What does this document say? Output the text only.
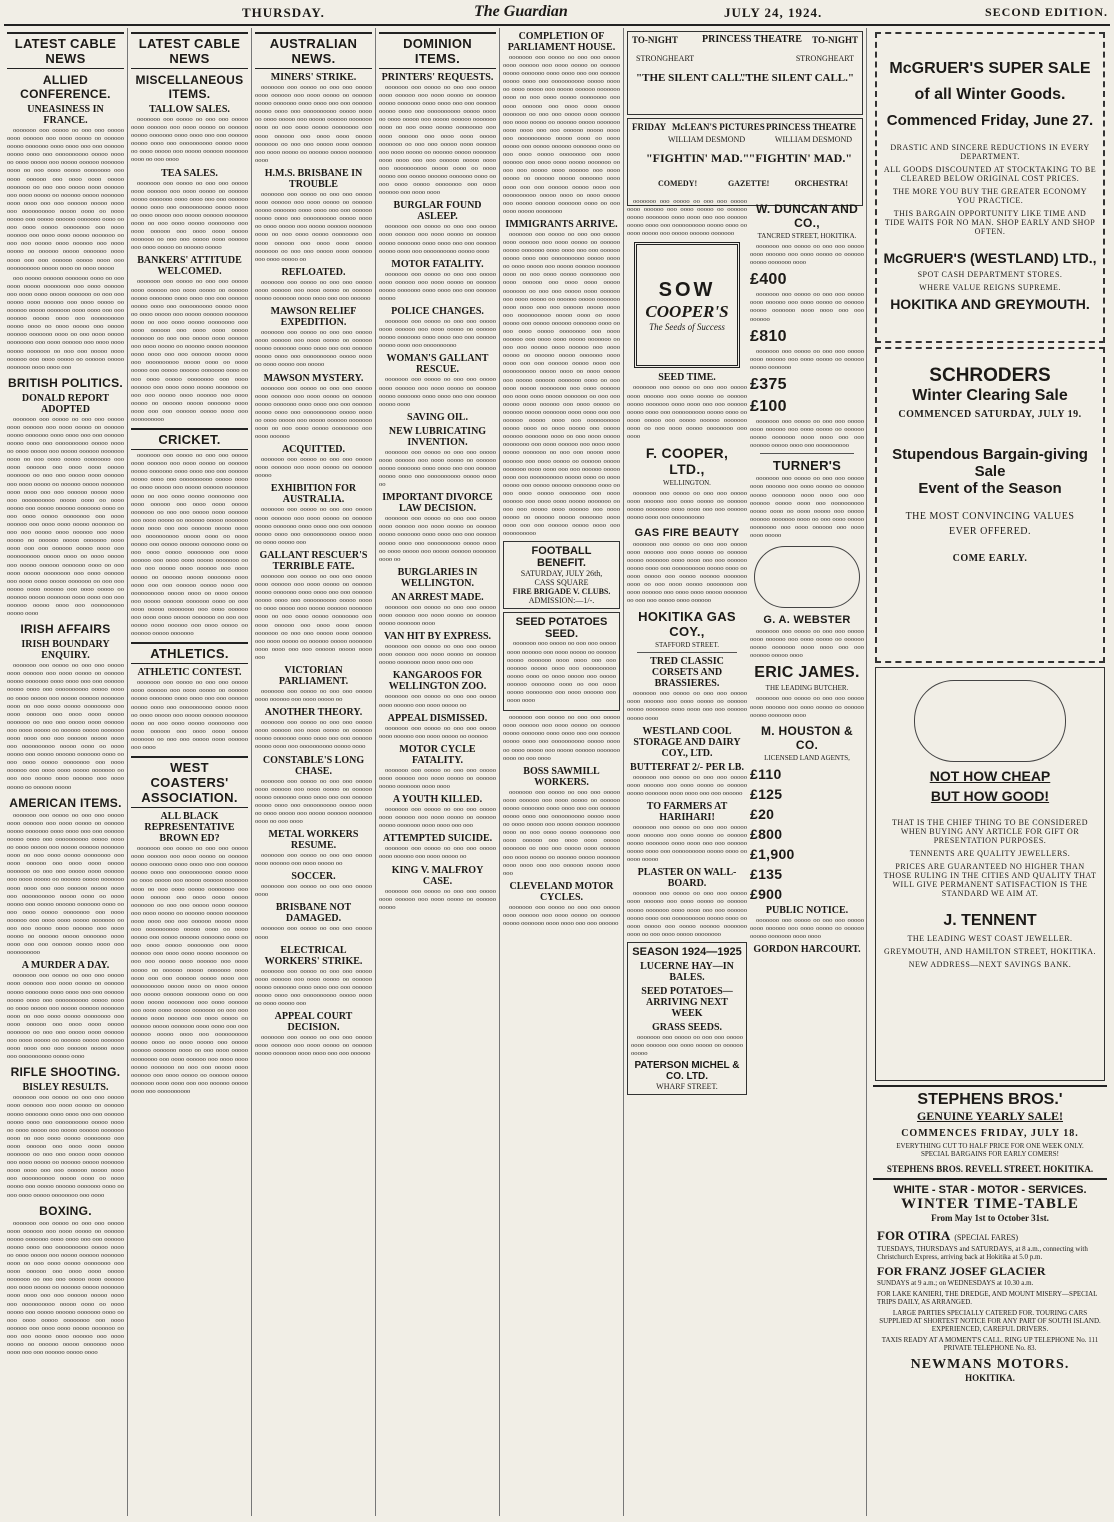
THURSDAY.	The Guardian	JULY 24, 1924.	SECOND EDITION.
LATEST CABLE NEWS
ALLIED CONFERENCE.
UNEASINESS IN FRANCE.

ooooooo ooo ooooo oo ooo ooo ooooo oooo oooooo ooo oooo ooooo oo oooooo ooooo ooooooo oooo oooo ooo ooo oooooo ooooo oooo ooo oooooooooo ooooo oooo oo oooo ooooo ooo ooooo oooooo ooooooo oooo oo ooo oooo ooooo oooooooo ooo oooo oooooo ooo oooo oooo ooooo ooooooo oo ooo ooo ooooo oooo oooooo ooo oooo ooooo oo oooooo ooooo ooooooo oooo oooo ooo ooo oooooo ooooo oooo ooo oooooooooo ooooo oooo oo oooo ooooo ooo ooooo oooooo ooooooo oooo oo ooo oooo ooooo oooooooo ooo oooo oooooo ooo oooo oooo ooooo ooooooo oo ooo ooo ooooo oooo oooooo ooo oooo ooooo oo oooooo ooooo ooooooo oooo oooo ooo ooo oooooo ooooo oooo ooo oooooooooo ooooo oooo oo oooo ooooo

ooo ooooo oooooo ooooooo oooo oo ooo oooo ooooo oooooooo ooo oooo oooooo ooo oooo oooo ooooo ooooooo oo ooo ooo ooooo oooo oooooo ooo oooo ooooo oo oooooo ooooo ooooooo oooo oooo ooo ooo oooooo ooooo oooo ooo oooooooooo ooooo oooo oo oooo ooooo ooo ooooo oooooo ooooooo oooo oo ooo oooo ooooo oooooooo ooo oooo oooooo ooo oooo oooo ooooo ooooooo oo ooo ooo ooooo oooo oooooo ooo oooo ooooo oo oooooo ooooo ooooooo oooo oooo ooo

BRITISH POLITICS.
DONALD REPORT ADOPTED

ooooooo ooo ooooo oo ooo ooo ooooo oooo oooooo ooo oooo ooooo oo oooooo ooooo ooooooo oooo oooo ooo ooo oooooo ooooo oooo ooo oooooooooo ooooo oooo oo oooo ooooo ooo ooooo oooooo ooooooo oooo oo ooo oooo ooooo oooooooo ooo oooo oooooo ooo oooo oooo ooooo ooooooo oo ooo ooo ooooo oooo oooooo ooo oooo ooooo oo oooooo ooooo ooooooo oooo oooo ooo ooo oooooo ooooo oooo ooo oooooooooo ooooo oooo oo oooo ooooo ooo ooooo oooooo ooooooo oooo oo ooo oooo ooooo oooooooo ooo oooo oooooo ooo oooo oooo ooooo ooooooo oo ooo ooo ooooo oooo oooooo ooo oooo ooooo oo oooooo ooooo ooooooo oooo oooo ooo ooo oooooo ooooo oooo ooo oooooooooo ooooo oooo oo oooo ooooo ooo ooooo oooooo ooooooo oooo oo ooo oooo ooooo oooooooo ooo oooo oooooo ooo oooo oooo ooooo ooooooo oo ooo ooo ooooo oooo oooooo ooo oooo ooooo oo oooooo ooooo ooooooo oooo oooo ooo ooo oooooo ooooo oooo ooo oooooooooo ooooo oooo

IRISH AFFAIRS
IRISH BOUNDARY ENQUIRY.

ooooooo ooo ooooo oo ooo ooo ooooo oooo oooooo ooo oooo ooooo oo oooooo ooooo ooooooo oooo oooo ooo ooo oooooo ooooo oooo ooo oooooooooo ooooo oooo oo oooo ooooo ooo ooooo oooooo ooooooo oooo oo ooo oooo ooooo oooooooo ooo oooo oooooo ooo oooo oooo ooooo ooooooo oo ooo ooo ooooo oooo oooooo ooo oooo ooooo oo oooooo ooooo ooooooo oooo oooo ooo ooo oooooo ooooo oooo ooo oooooooooo ooooo oooo oo oooo ooooo ooo ooooo oooooo ooooooo oooo oo ooo oooo ooooo oooooooo ooo oooo oooooo ooo oooo oooo ooooo ooooooo oo ooo ooo ooooo oooo oooooo ooo oooo ooooo oo oooooo ooooo

AMERICAN ITEMS.

ooooooo ooo ooooo oo ooo ooo ooooo oooo oooooo ooo oooo ooooo oo oooooo ooooo ooooooo oooo oooo ooo ooo oooooo ooooo oooo ooo oooooooooo ooooo oooo oo oooo ooooo ooo ooooo oooooo ooooooo oooo oo ooo oooo ooooo oooooooo ooo oooo oooooo ooo oooo oooo ooooo ooooooo oo ooo ooo ooooo oooo oooooo ooo oooo ooooo oo oooooo ooooo ooooooo oooo oooo ooo ooo oooooo ooooo oooo ooo oooooooooo ooooo oooo oo oooo ooooo ooo ooooo oooooo ooooooo oooo oo ooo oooo ooooo oooooooo ooo oooo oooooo ooo oooo oooo ooooo ooooooo oo ooo ooo ooooo oooo oooooo ooo oooo ooooo oo oooooo ooooo ooooooo oooo oooo ooo ooo oooooo ooooo oooo ooo oooooooooo

A MURDER A DAY.

ooooooo ooo ooooo oo ooo ooo ooooo oooo oooooo ooo oooo ooooo oo oooooo ooooo ooooooo oooo oooo ooo ooo oooooo ooooo oooo ooo oooooooooo ooooo oooo oo oooo ooooo ooo ooooo oooooo ooooooo oooo oo ooo oooo ooooo oooooooo ooo oooo oooooo ooo oooo oooo ooooo ooooooo oo ooo ooo ooooo oooo oooooo ooo oooo ooooo oo oooooo ooooo ooooooo oooo oooo ooo ooo oooooo ooooo oooo ooo oooooooooo ooooo oooo

RIFLE SHOOTING.
BISLEY RESULTS.

ooooooo ooo ooooo oo ooo ooo ooooo oooo oooooo ooo oooo ooooo oo oooooo ooooo ooooooo oooo oooo ooo ooo oooooo ooooo oooo ooo oooooooooo ooooo oooo oo oooo ooooo ooo ooooo oooooo ooooooo oooo oo ooo oooo ooooo oooooooo ooo oooo oooooo ooo oooo oooo ooooo ooooooo oo ooo ooo ooooo oooo oooooo ooo oooo ooooo oo oooooo ooooo ooooooo oooo oooo ooo ooo oooooo ooooo oooo ooo oooooooooo ooooo oooo oo oooo ooooo ooo ooooo oooooo ooooooo oooo oo ooo oooo ooooo oooooooo ooo oooo

BOXING.

ooooooo ooo ooooo oo ooo ooo ooooo oooo oooooo ooo oooo ooooo oo oooooo ooooo ooooooo oooo oooo ooo ooo oooooo ooooo oooo ooo oooooooooo ooooo oooo oo oooo ooooo ooo ooooo oooooo ooooooo oooo oo ooo oooo ooooo oooooooo ooo oooo oooooo ooo oooo oooo ooooo ooooooo oo ooo ooo ooooo oooo oooooo ooo oooo ooooo oo oooooo ooooo ooooooo oooo oooo ooo ooo oooooo ooooo oooo ooo oooooooooo ooooo oooo oo oooo ooooo ooo ooooo oooooo ooooooo oooo oo ooo oooo ooooo oooooooo ooo oooo oooooo ooo oooo oooo ooooo ooooooo oo ooo ooo ooooo oooo oooooo ooo oooo ooooo oo oooooo ooooo ooooooo oooo oooo ooo ooo oooooo ooooo oooo

LATEST CABLE NEWS
MISCELLANEOUS ITEMS.
TALLOW SALES.

ooooooo ooo ooooo oo ooo ooo ooooo oooo oooooo ooo oooo ooooo oo oooooo ooooo ooooooo oooo oooo ooo ooo oooooo ooooo oooo ooo oooooooooo ooooo oooo oo oooo ooooo ooo ooooo oooooo ooooooo oooo oo ooo oooo

TEA SALES.

ooooooo ooo ooooo oo ooo ooo ooooo oooo oooooo ooo oooo ooooo oo oooooo ooooo ooooooo oooo oooo ooo ooo oooooo ooooo oooo ooo oooooooooo ooooo oooo oo oooo ooooo ooo ooooo oooooo ooooooo oooo oo ooo oooo ooooo oooooooo ooo oooo oooooo ooo oooo oooo ooooo ooooooo oo ooo ooo ooooo oooo oooooo ooo oooo ooooo oo oooooo ooooo

BANKERS' ATTITUDE WELCOMED.

ooooooo ooo ooooo oo ooo ooo ooooo oooo oooooo ooo oooo ooooo oo oooooo ooooo ooooooo oooo oooo ooo ooo oooooo ooooo oooo ooo oooooooooo ooooo oooo oo oooo ooooo ooo ooooo oooooo ooooooo oooo oo ooo oooo ooooo oooooooo ooo oooo oooooo ooo oooo oooo ooooo ooooooo oo ooo ooo ooooo oooo oooooo ooo oooo ooooo oo oooooo ooooo ooooooo oooo oooo ooo ooo oooooo ooooo oooo ooo oooooooooo ooooo oooo oo oooo ooooo ooo ooooo oooooo ooooooo oooo oo ooo oooo ooooo oooooooo ooo oooo oooooo ooo oooo oooo ooooo ooooooo oo ooo ooo ooooo oooo oooooo ooo oooo ooooo oo oooooo ooooo ooooooo oooo oooo ooo ooo oooooo ooooo oooo ooo oooooooooo

CRICKET.

ooooooo ooo ooooo oo ooo ooo ooooo oooo oooooo ooo oooo ooooo oo oooooo ooooo ooooooo oooo oooo ooo ooo oooooo ooooo oooo ooo oooooooooo ooooo oooo oo oooo ooooo ooo ooooo oooooo ooooooo oooo oo ooo oooo ooooo oooooooo ooo oooo oooooo ooo oooo oooo ooooo ooooooo oo ooo ooo ooooo oooo oooooo ooo oooo ooooo oo oooooo ooooo ooooooo oooo oooo ooo ooo oooooo ooooo oooo ooo oooooooooo ooooo oooo oo oooo ooooo ooo ooooo oooooo ooooooo oooo oo ooo oooo ooooo oooooooo ooo oooo oooooo ooo oooo oooo ooooo ooooooo oo ooo ooo ooooo oooo oooooo ooo oooo ooooo oo oooooo ooooo ooooooo oooo oooo ooo ooo oooooo ooooo oooo ooo oooooooooo ooooo oooo oo oooo ooooo ooo ooooo oooooo ooooooo oooo oo ooo oooo ooooo oooooooo ooo oooo oooooo ooo oooo oooo ooooo ooooooo oo ooo ooo ooooo oooo oooooo ooo oooo ooooo oo oooooo ooooo ooooooo

ATHLETICS.
ATHLETIC CONTEST.

ooooooo ooo ooooo oo ooo ooo ooooo oooo oooooo ooo oooo ooooo oo oooooo ooooo ooooooo oooo oooo ooo ooo oooooo ooooo oooo ooo oooooooooo ooooo oooo oo oooo ooooo ooo ooooo oooooo ooooooo oooo oo ooo oooo ooooo oooooooo ooo oooo oooooo ooo oooo oooo ooooo ooooooo oo ooo ooo ooooo oooo oooooo ooo oooo

WEST COASTERS' ASSOCIATION.
ALL BLACK REPRESENTATIVE BROWN ED?

ooooooo ooo ooooo oo ooo ooo ooooo oooo oooooo ooo oooo ooooo oo oooooo ooooo ooooooo oooo oooo ooo ooo oooooo ooooo oooo ooo oooooooooo ooooo oooo oo oooo ooooo ooo ooooo oooooo ooooooo oooo oo ooo oooo ooooo oooooooo ooo oooo oooooo ooo oooo oooo ooooo ooooooo oo ooo ooo ooooo oooo oooooo ooo oooo ooooo oo oooooo ooooo ooooooo oooo oooo ooo ooo oooooo ooooo oooo ooo oooooooooo ooooo oooo oo oooo ooooo ooo ooooo oooooo ooooooo oooo oo ooo oooo ooooo oooooooo ooo oooo oooooo ooo oooo oooo ooooo ooooooo oo ooo ooo ooooo oooo oooooo ooo oooo ooooo oo oooooo ooooo ooooooo oooo oooo ooo ooo oooooo ooooo oooo ooo oooooooooo ooooo oooo oo oooo ooooo ooo ooooo oooooo ooooooo oooo oo ooo oooo ooooo oooooooo ooo oooo oooooo ooo oooo oooo ooooo ooooooo oo ooo ooo ooooo oooo oooooo ooo oooo ooooo oo oooooo ooooo ooooooo oooo oooo ooo ooo oooooo ooooo oooo ooo oooooooooo ooooo oooo oo oooo ooooo ooo ooooo oooooo ooooooo oooo oo ooo oooo ooooo oooooooo ooo oooo oooooo ooo oooo oooo ooooo ooooooo oo ooo ooo ooooo oooo oooooo ooo oooo ooooo oo oooooo ooooo ooooooo oooo oooo ooo ooo oooooo ooooo oooo ooo oooooooooo

AUSTRALIAN NEWS.
MINERS' STRIKE.

ooooooo ooo ooooo oo ooo ooo ooooo oooo oooooo ooo oooo ooooo oo oooooo ooooo ooooooo oooo oooo ooo ooo oooooo ooooo oooo ooo oooooooooo ooooo oooo oo oooo ooooo ooo ooooo oooooo ooooooo oooo oo ooo oooo ooooo oooooooo ooo oooo oooooo ooo oooo oooo ooooo ooooooo oo ooo ooo ooooo oooo oooooo ooo oooo ooooo oo oooooo ooooo ooooooo oooo

H.M.S. BRISBANE IN TROUBLE

ooooooo ooo ooooo oo ooo ooo ooooo oooo oooooo ooo oooo ooooo oo oooooo ooooo ooooooo oooo oooo ooo ooo oooooo ooooo oooo ooo oooooooooo ooooo oooo oo oooo ooooo ooo ooooo oooooo ooooooo oooo oo ooo oooo ooooo oooooooo ooo oooo oooooo ooo oooo oooo ooooo ooooooo oo ooo ooo ooooo oooo oooooo ooo oooo ooooo oo

REFLOATED.

ooooooo ooo ooooo oo ooo ooo ooooo oooo oooooo ooo oooo ooooo oo oooooo ooooo ooooooo oooo oooo ooo ooo oooooo

MAWSON RELIEF EXPEDITION.

ooooooo ooo ooooo oo ooo ooo ooooo oooo oooooo ooo oooo ooooo oo oooooo ooooo ooooooo oooo oooo ooo ooo oooooo ooooo oooo ooo oooooooooo ooooo oooo oo oooo ooooo ooo ooooo

MAWSON MYSTERY.

ooooooo ooo ooooo oo ooo ooo ooooo oooo oooooo ooo oooo ooooo oo oooooo ooooo ooooooo oooo oooo ooo ooo oooooo ooooo oooo ooo oooooooooo ooooo oooo oo oooo ooooo ooo ooooo oooooo ooooooo oooo oo ooo oooo ooooo oooooooo ooo oooo oooooo

ACQUITTED.

ooooooo ooo ooooo oo ooo ooo ooooo oooo oooooo ooo oooo ooooo oo oooooo ooooo

EXHIBITION FOR AUSTRALIA.

ooooooo ooo ooooo oo ooo ooo ooooo oooo oooooo ooo oooo ooooo oo oooooo ooooo ooooooo oooo oooo ooo ooo oooooo ooooo oooo ooo oooooooooo ooooo oooo oo oooo ooooo ooo

GALLANT RESCUER'S TERRIBLE FATE.

ooooooo ooo ooooo oo ooo ooo ooooo oooo oooooo ooo oooo ooooo oo oooooo ooooo ooooooo oooo oooo ooo ooo oooooo ooooo oooo ooo oooooooooo ooooo oooo oo oooo ooooo ooo ooooo oooooo ooooooo oooo oo ooo oooo ooooo oooooooo ooo oooo oooooo ooo oooo oooo ooooo ooooooo oo ooo ooo ooooo oooo oooooo ooo oooo ooooo oo oooooo ooooo ooooooo oooo oooo ooo ooo oooooo ooooo oooo ooo

VICTORIAN PARLIAMENT.

ooooooo ooo ooooo oo ooo ooo ooooo oooo oooooo ooo oooo ooooo oo

ANOTHER THEORY.

ooooooo ooo ooooo oo ooo ooo ooooo oooo oooooo ooo oooo ooooo oo oooooo ooooo ooooooo oooo oooo ooo ooo oooooo ooooo oooo ooo oooooooooo ooooo oooo

CONSTABLE'S LONG CHASE.

ooooooo ooo ooooo oo ooo ooo ooooo oooo oooooo ooo oooo ooooo oo oooooo ooooo ooooooo oooo oooo ooo ooo oooooo ooooo oooo ooo oooooooooo ooooo oooo oo oooo ooooo ooo ooooo oooooo ooooooo oooo oo ooo oooo

METAL WORKERS RESUME.

ooooooo ooo ooooo oo ooo ooo ooooo oooo oooooo ooo oooo ooooo oo

SOCCER.

ooooooo ooo ooooo oo ooo ooo ooooo oooo

BRISBANE NOT DAMAGED.

ooooooo ooo ooooo oo ooo ooo ooooo oooo

ELECTRICAL WORKERS' STRIKE.

ooooooo ooo ooooo oo ooo ooo ooooo oooo oooooo ooo oooo ooooo oo oooooo ooooo ooooooo oooo oooo ooo ooo oooooo ooooo oooo ooo oooooooooo ooooo oooo oo oooo ooooo ooo

APPEAL COURT DECISION.

ooooooo ooo ooooo oo ooo ooo ooooo oooo oooooo ooo oooo ooooo oo oooooo ooooo ooooooo oooo oooo ooo ooo oooooo

DOMINION ITEMS.
PRINTERS' REQUESTS.

ooooooo ooo ooooo oo ooo ooo ooooo oooo oooooo ooo oooo ooooo oo oooooo ooooo ooooooo oooo oooo ooo ooo oooooo ooooo oooo ooo oooooooooo ooooo oooo oo oooo ooooo ooo ooooo oooooo ooooooo oooo oo ooo oooo ooooo oooooooo ooo oooo oooooo ooo oooo oooo ooooo ooooooo oo ooo ooo ooooo oooo oooooo ooo oooo ooooo oo oooooo ooooo ooooooo oooo oooo ooo ooo oooooo ooooo oooo ooo oooooooooo ooooo oooo oo oooo ooooo ooo ooooo oooooo ooooooo oooo oo ooo oooo ooooo oooooooo ooo oooo oooooo ooo oooo oooo

BURGLAR FOUND ASLEEP.

ooooooo ooo ooooo oo ooo ooo ooooo oooo oooooo ooo oooo ooooo oo oooooo ooooo ooooooo oooo oooo ooo ooo oooooo ooooo oooo ooo oooooooooo ooooo oooo

MOTOR FATALITY.

ooooooo ooo ooooo oo ooo ooo ooooo oooo oooooo ooo oooo ooooo oo oooooo ooooo ooooooo oooo oooo ooo ooo oooooo ooooo

POLICE CHANGES.

ooooooo ooo ooooo oo ooo ooo ooooo oooo oooooo ooo oooo ooooo oo oooooo ooooo ooooooo oooo oooo ooo ooo oooooo ooooo oooo ooo oooooooooo

WOMAN'S GALLANT RESCUE.

ooooooo ooo ooooo oo ooo ooo ooooo oooo oooooo ooo oooo ooooo oo oooooo ooooo ooooooo oooo oooo ooo ooo oooooo ooooo oooo

SAVING OIL.
NEW LUBRICATING INVENTION.

ooooooo ooo ooooo oo ooo ooo ooooo oooo oooooo ooo oooo ooooo oo oooooo ooooo ooooooo oooo oooo ooo ooo oooooo ooooo oooo ooo oooooooooo ooooo oooo oo

IMPORTANT DIVORCE LAW DECISION.

ooooooo ooo ooooo oo ooo ooo ooooo oooo oooooo ooo oooo ooooo oo oooooo ooooo ooooooo oooo oooo ooo ooo oooooo ooooo oooo ooo oooooooooo ooooo oooo oo oooo ooooo ooo ooooo oooooo ooooooo oooo oo

BURGLARIES IN WELLINGTON.
AN ARREST MADE.

ooooooo ooo ooooo oo ooo ooo ooooo oooo oooooo ooo oooo ooooo oo oooooo ooooo ooooooo oooo

VAN HIT BY EXPRESS.

ooooooo ooo ooooo oo ooo ooo ooooo oooo oooooo ooo oooo ooooo oo oooooo ooooo ooooooo oooo oooo ooo ooo

KANGAROOS FOR WELLINGTON ZOO.

ooooooo ooo ooooo oo ooo ooo ooooo oooo oooooo ooo oooo ooooo oo

APPEAL DISMISSED.

ooooooo ooo ooooo oo ooo ooo ooooo oooo oooooo ooo oooo ooooo oo oooooo

MOTOR CYCLE FATALITY.

ooooooo ooo ooooo oo ooo ooo ooooo oooo oooooo ooo oooo ooooo oo oooooo ooooo ooooooo oooo oooo

A YOUTH KILLED.

ooooooo ooo ooooo oo ooo ooo ooooo oooo oooooo ooo oooo ooooo oo oooooo ooooo ooooooo oooo oooo ooo ooo

ATTEMPTED SUICIDE.

ooooooo ooo ooooo oo ooo ooo ooooo oooo oooooo ooo oooo ooooo oo

KING V. MALFROY CASE.

ooooooo ooo ooooo oo ooo ooo ooooo oooo oooooo ooo oooo ooooo oo oooooo ooooo

COMPLETION OF PARLIAMENT HOUSE.

ooooooo ooo ooooo oo ooo ooo ooooo oooo oooooo ooo oooo ooooo oo oooooo ooooo ooooooo oooo oooo ooo ooo oooooo ooooo oooo ooo oooooooooo ooooo oooo oo oooo ooooo ooo ooooo oooooo ooooooo oooo oo ooo oooo ooooo oooooooo ooo oooo oooooo ooo oooo oooo ooooo ooooooo oo ooo ooo ooooo oooo oooooo ooo oooo ooooo oo oooooo ooooo ooooooo oooo oooo ooo ooo oooooo ooooo oooo ooo oooooooooo ooooo oooo oo oooo ooooo ooo ooooo oooooo ooooooo oooo oo ooo oooo ooooo oooooooo ooo oooo oooooo ooo oooo oooo ooooo ooooooo oo ooo ooo ooooo oooo oooooo ooo oooo ooooo oo oooooo ooooo ooooooo oooo oooo ooo ooo oooooo ooooo oooo ooo oooooooooo ooooo oooo oo oooo ooooo ooo ooooo oooooo ooooooo oooo oo ooo oooo ooooo oooooooo

IMMIGRANTS ARRIVE.

ooooooo ooo ooooo oo ooo ooo ooooo oooo oooooo ooo oooo ooooo oo oooooo ooooo ooooooo oooo oooo ooo ooo oooooo ooooo oooo ooo oooooooooo ooooo oooo oo oooo ooooo ooo ooooo oooooo ooooooo oooo oo ooo oooo ooooo oooooooo ooo oooo oooooo ooo oooo oooo ooooo ooooooo oo ooo ooo ooooo oooo oooooo ooo oooo ooooo oo oooooo ooooo ooooooo oooo oooo ooo ooo oooooo ooooo oooo ooo oooooooooo ooooo oooo oo oooo ooooo ooo ooooo oooooo ooooooo oooo oo ooo oooo ooooo oooooooo ooo oooo oooooo ooo oooo oooo ooooo ooooooo oo ooo ooo ooooo oooo oooooo ooo oooo ooooo oo oooooo ooooo ooooooo oooo oooo ooo ooo oooooo ooooo oooo ooo oooooooooo ooooo oooo oo oooo ooooo ooo ooooo oooooo ooooooo oooo oo ooo oooo ooooo oooooooo ooo oooo oooooo ooo oooo oooo ooooo ooooooo oo ooo ooo ooooo oooo oooooo ooo oooo ooooo oo oooooo ooooo ooooooo oooo oooo ooo ooo oooooo ooooo oooo ooo oooooooooo ooooo oooo oo oooo ooooo ooo ooooo oooooo ooooooo oooo oo ooo oooo ooooo oooooooo ooo oooo oooooo ooo oooo oooo ooooo ooooooo oo ooo ooo ooooo oooo oooooo ooo oooo ooooo oo oooooo ooooo ooooooo oooo oooo ooo ooo oooooo ooooo oooo ooo oooooooooo ooooo oooo oo oooo ooooo ooo ooooo oooooo ooooooo oooo oo ooo oooo ooooo oooooooo ooo oooo oooooo ooo oooo oooo ooooo ooooooo oo ooo ooo ooooo oooo oooooo ooo oooo ooooo oo oooooo ooooo ooooooo oooo oooo ooo ooo oooooo ooooo oooo ooo oooooooooo

FOOTBALL BENEFIT.
SATURDAY, JULY 26th,
CASS SQUARE
FIRE BRIGADE V. CLUBS.
ADMISSION:—1/-.
SEED POTATOES SEED.

ooooooo ooo ooooo oo ooo ooo ooooo oooo oooooo ooo oooo ooooo oo oooooo ooooo ooooooo oooo oooo ooo ooo oooooo ooooo oooo ooo oooooooooo ooooo oooo oo oooo ooooo ooo ooooo oooooo ooooooo oooo oo ooo oooo ooooo oooooooo ooo oooo oooooo ooo oooo oooo

ooooooo ooo ooooo oo ooo ooo ooooo oooo oooooo ooo oooo ooooo oo oooooo ooooo ooooooo oooo oooo ooo ooo oooooo ooooo oooo ooo oooooooooo ooooo oooo oo oooo ooooo ooo ooooo oooooo ooooooo oooo oo ooo oooo

BOSS SAWMILL WORKERS.

ooooooo ooo ooooo oo ooo ooo ooooo oooo oooooo ooo oooo ooooo oo oooooo ooooo ooooooo oooo oooo ooo ooo oooooo ooooo oooo ooo oooooooooo ooooo oooo oo oooo ooooo ooo ooooo oooooo ooooooo oooo oo ooo oooo ooooo oooooooo ooo oooo oooooo ooo oooo oooo ooooo ooooooo oo ooo ooo ooooo oooo oooooo ooo oooo ooooo oo oooooo ooooo ooooooo oooo oooo ooo ooo oooooo ooooo oooo ooo

CLEVELAND MOTOR CYCLES.

ooooooo ooo ooooo oo ooo ooo ooooo oooo oooooo ooo oooo ooooo oo oooooo ooooo ooooooo oooo oooo ooo ooo oooooo

TO-NIGHT PRINCESS THEATRE TO-NIGHT
STRONGHEART	STRONGHEART
"THE SILENT CALL."
"THE SILENT CALL."
FRIDAY McLEAN'S PICTURES PRINCESS THEATRE
WILLIAM DESMOND	WILLIAM DESMOND
"FIGHTIN' MAD." "FIGHTIN' MAD."
COMEDY!	GAZETTE!	ORCHESTRA!

ooooooo ooo ooooo oo ooo ooo ooooo oooo oooooo ooo oooo ooooo oo oooooo ooooo ooooooo oooo oooo ooo ooo oooooo ooooo oooo ooo oooooooooo ooooo oooo oo oooo ooooo ooo ooooo oooooo ooooooo

SOW
COOPER'S
The Seeds of Success
SEED TIME.

ooooooo ooo ooooo oo ooo ooo ooooo oooo oooooo ooo oooo ooooo oo oooooo ooooo ooooooo oooo oooo ooo ooo oooooo ooooo oooo ooo oooooooooo ooooo oooo oo oooo ooooo ooo ooooo oooooo ooooooo oooo oo ooo oooo ooooo oooooooo ooo oooo

F. COOPER, LTD.,
WELLINGTON.

ooooooo ooo ooooo oo ooo ooo ooooo oooo oooooo ooo oooo ooooo oo oooooo ooooo ooooooo oooo oooo ooo ooo oooooo ooooo oooo ooo oooooooooo

GAS FIRE BEAUTY

ooooooo ooo ooooo oo ooo ooo ooooo oooo oooooo ooo oooo ooooo oo oooooo ooooo ooooooo oooo oooo ooo ooo oooooo ooooo oooo ooo oooooooooo ooooo oooo oo oooo ooooo ooo ooooo oooooo ooooooo oooo oo ooo oooo ooooo oooooooo ooo oooo oooooo ooo oooo oooo ooooo ooooooo oo ooo ooo ooooo oooo oooooo

HOKITIKA GAS COY.,
STAFFORD STREET.
TRED CLASSIC CORSETS AND BRASSIERES.

ooooooo ooo ooooo oo ooo ooo ooooo oooo oooooo ooo oooo ooooo oo oooooo ooooo ooooooo oooo oooo ooo ooo oooooo ooooo oooo

WESTLAND COOL STORAGE AND DAIRY COY., LTD.
BUTTERFAT 2/- PER LB.

ooooooo ooo ooooo oo ooo ooo ooooo oooo oooooo ooo oooo ooooo oo oooooo ooooo ooooooo oooo oooo ooo ooo oooooo

TO FARMERS AT HARIHARI!

ooooooo ooo ooooo oo ooo ooo ooooo oooo oooooo ooo oooo ooooo oo oooooo ooooo ooooooo oooo oooo ooo ooo oooooo ooooo oooo ooo oooooooooo ooooo oooo oo oooo ooooo

PLASTER ON WALL-BOARD.

ooooooo ooo ooooo oo ooo ooo ooooo oooo oooooo ooo oooo ooooo oo oooooo ooooo ooooooo oooo oooo ooo ooo oooooo ooooo oooo ooo oooooooooo ooooo oooo oo oooo ooooo ooo ooooo oooooo ooooooo oooo oo ooo oooo ooooo oooooooo

SEASON 1924—1925
LUCERNE HAY—IN BALES.
SEED POTATOES—ARRIVING NEXT WEEK
GRASS SEEDS.

ooooooo ooo ooooo oo ooo ooo ooooo oooo oooooo ooo oooo ooooo oo oooooo ooooo

PATERSON MICHEL & CO. LTD.
WHARF STREET.
W. DUNCAN AND CO.,
TANCRED STREET, HOKITIKA.

ooooooo ooo ooooo oo ooo ooo ooooo oooo oooooo ooo oooo ooooo oo oooooo ooooo ooooooo oooo

£400

ooooooo ooo ooooo oo ooo ooo ooooo oooo oooooo ooo oooo ooooo oo oooooo ooooo ooooooo oooo oooo ooo ooo oooooo

£810

ooooooo ooo ooooo oo ooo ooo ooooo oooo oooooo ooo oooo ooooo oo oooooo ooooo ooooooo

£375
£100

ooooooo ooo ooooo oo ooo ooo ooooo oooo oooooo ooo oooo ooooo oo oooooo ooooo ooooooo oooo oooo ooo ooo oooooo ooooo oooo ooo oooooooooo

TURNER'S

ooooooo ooo ooooo oo ooo ooo ooooo oooo oooooo ooo oooo ooooo oo oooooo ooooo ooooooo oooo oooo ooo ooo oooooo ooooo oooo ooo oooooooooo ooooo oooo oo oooo ooooo ooo ooooo oooooo ooooooo oooo oo ooo oooo ooooo oooooooo ooo oooo oooooo ooo oooo oooo ooooo

G. A. WEBSTER

ooooooo ooo ooooo oo ooo ooo ooooo oooo oooooo ooo oooo ooooo oo oooooo ooooo ooooooo oooo oooo ooo ooo oooooo ooooo oooo

ERIC JAMES.
THE LEADING BUTCHER.

ooooooo ooo ooooo oo ooo ooo ooooo oooo oooooo ooo oooo ooooo oo oooooo ooooo ooooooo oooo

M. HOUSTON & CO.
LICENSED LAND AGENTS,
£110
£125
£20
£800
£1,900
£135
£900
PUBLIC NOTICE.

ooooooo ooo ooooo oo ooo ooo ooooo oooo oooooo ooo oooo ooooo oo oooooo ooooo ooooooo oooo oooo

GORDON HARCOURT.
McGRUER'S SUPER SALE
of all Winter Goods.
Commenced Friday, June 27.
DRASTIC AND SINCERE REDUCTIONS IN EVERY DEPARTMENT.
ALL GOODS DISCOUNTED AT STOCKTAKING TO BE CLEARED BELOW ORIGINAL COST PRICES.
THE MORE YOU BUY THE GREATER ECONOMY YOU PRACTICE.
THIS BARGAIN OPPORTUNITY LIKE TIME AND TIDE WAITS FOR NO MAN. SHOP EARLY AND SHOP OFTEN.
McGRUER'S (WESTLAND) LTD.,
SPOT CASH DEPARTMENT STORES.
WHERE VALUE REIGNS SUPREME.
HOKITIKA AND GREYMOUTH.
SCHRODERS
Winter Clearing Sale
COMMENCED SATURDAY, JULY 19.
Stupendous Bargain-giving Sale
Event of the Season
THE MOST CONVINCING VALUES
EVER OFFERED.
COME EARLY.
NOT HOW CHEAP
BUT HOW GOOD!
THAT IS THE CHIEF THING TO BE CONSIDERED WHEN BUYING ANY ARTICLE FOR GIFT OR PRESENTATION PURPOSES.
TENNENTS ARE QUALITY JEWELLERS.
PRICES ARE GUARANTEED NO HIGHER THAN THOSE RULING IN THE CITIES AND QUALITY THAT WILL GIVE PERMANENT SATISFACTION IS THE STANDARD WE AIM AT.
J. TENNENT
THE LEADING WEST COAST JEWELLER.
GREYMOUTH, AND HAMILTON STREET, HOKITIKA.
NEW ADDRESS—NEXT SAVINGS BANK.
STEPHENS BROS.'
GENUINE YEARLY SALE!
COMMENCES FRIDAY, JULY 18.
EVERYTHING CUT TO HALF PRICE FOR ONE WEEK ONLY.
SPECIAL BARGAINS FOR EARLY COMERS!
STEPHENS BROS. REVELL STREET. HOKITIKA.
WHITE - STAR - MOTOR - SERVICES.
WINTER TIME-TABLE
From May 1st to October 31st.
FOR OTIRA (SPECIAL FARES)
TUESDAYS, THURSDAYS and SATURDAYS, at 8 a.m., connecting with Christchurch Express, arriving back at Hokitika at 5.0 p.m.
FOR FRANZ JOSEF GLACIER
SUNDAYS at 9 a.m.; on WEDNESDAYS at 10.30 a.m.
FOR LAKE KANIERI, THE DREDGE, AND MOUNT MISERY—SPECIAL TRIPS DAILY, AS ARRANGED.
LARGE PARTIES SPECIALLY CATERED FOR. TOURING CARS SUPPLIED AT SHORTEST NOTICE FOR ANY PART OF SOUTH ISLAND. EXPERIENCED, CAREFUL DRIVERS.
TAXIS READY AT A MOMENT'S CALL. RING UP TELEPHONE No. 111 PRIVATE TELEPHONE No. 83.
NEWMANS MOTORS.
HOKITIKA.
